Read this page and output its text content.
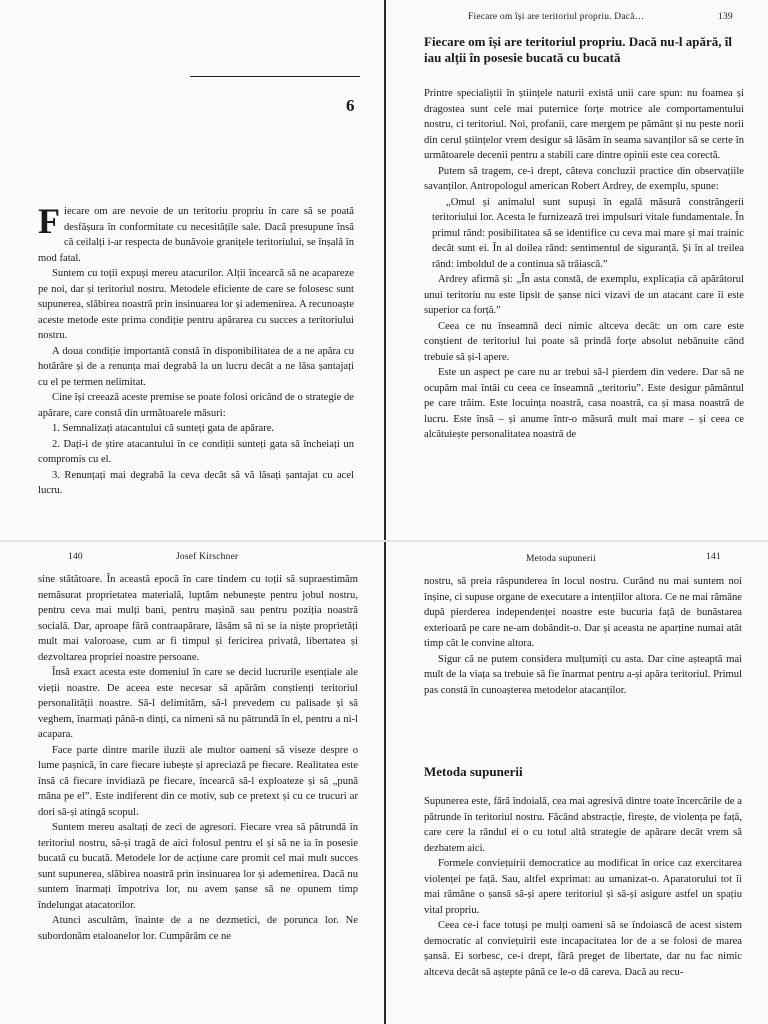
6

Fiecare om are nevoie de un teritoriu propriu în care să se poată desfășura în conformitate cu necesitățile sale. Dacă presupune însă că ceilalți i-ar respecta de bunăvoie granițele teritoriului, se înșală în mod fatal.

Suntem cu toții expuși mereu atacurilor. Alții încearcă să ne acapareze pe noi, dar și teritoriul nostru. Metodele eficiente de care se folosesc sunt supunerea, slăbirea noastră prin insinuarea lor și ademenirea. A recunoaște aceste metode este prima condiție pentru apărarea cu succes a teritoriului nostru.

A doua condiție importantă constă în disponibilitatea de a ne apăra cu hotărâre și de a renunța mai degrabă la un lucru decât a ne lăsa șantajați cu el pe termen nelimitat.

Cine își creează aceste premise se poate folosi oricând de o strategie de apărare, care constă din următoarele măsuri:

1. Semnalizați atacantului că sunteți gata de apărare.

2. Dați-i de știre atacantului în ce condiții sunteți gata să încheiați un compromis cu el.

3. Renunțați mai degrabă la ceva decât să vă lăsați șantajat cu acel lucru.

Fiecare om își are teritoriul propriu. Dacă…	139
Fiecare om își are teritoriul propriu. Dacă nu-l apără, îl iau alții în posesie bucată cu bucată

Printre specialiștii în științele naturii există unii care spun: nu foamea și dragostea sunt cele mai puternice forțe motrice ale comportamentului nostru, ci teritoriul. Noi, profanii, care mergem pe pământ și nu peste norii din cerul științelor vrem desigur să lăsăm în seama savanților să se certe în următoarele decenii pentru a stabili care dintre opinii este cea corectă.

Putem să tragem, ce-i drept, câteva concluzii practice din observațiile savanților. Antropologul american Robert Ardrey, de exemplu, spune:

„Omul și animalul sunt supuși în egală măsură constrângerii teritoriului lor. Acesta le furnizează trei impulsuri vitale fundamentale. În primul rând: posibilitatea să se identifice cu ceva mai mare și mai trainic decât sunt ei. În al doilea rând: sentimentul de siguranță. Și în al treilea rând: imboldul de a continua să trăiască.”

Ardrey afirmă și: „În asta constă, de exemplu, explicația că apărătorul unui teritoriu nu este lipsit de șanse nici vizavi de un atacant care îi este superior ca forță.”

Ceea ce nu înseamnă deci nimic altceva decât: un om care este conștient de teritoriul lui poate să prindă forțe absolut nebănuite când trebuie să și-l apere.

Este un aspect pe care nu ar trebui să-l pierdem din vedere. Dar să ne ocupăm mai întâi cu ceea ce înseamnă „teritoriu”. Este desigur pământul pe care trăim. Este locuința noastră, casa noastră, ca și masa noastră de lucru. Este însă – și anume într-o măsură mult mai mare – și ceea ce alcătuiește personalitatea noastră de

140	Josef Kirschner

sine stătătoare. În această epocă în care tindem cu toții să supraestimăm nemăsurat proprietatea materială, luptăm nebunește pentru jobul nostru, pentru ceva mai mulți bani, pentru mașină sau pentru poziția noastră socială. Dar, aproape fără contraapărare, lăsăm să ni se ia niște proprietăți mult mai valoroase, cum ar fi timpul și fericirea privată, libertatea și dezvoltarea propriei noastre persoane.

Însă exact acesta este domeniul în care se decid lucrurile esențiale ale vieții noastre. De aceea este necesar să apărăm conștienți teritoriul personalității noastre. Să-l delimităm, să-l prevedem cu palisade și să veghem, înarmați până-n dinți, ca nimeni să nu pătrundă în el, pentru a ni-l acapara.

Face parte dintre marile iluzii ale multor oameni să viseze despre o lume pașnică, în care fiecare iubește și apreciază pe fiecare. Realitatea este însă că fiecare invidiază pe fiecare, încearcă să-l exploateze și să „pună mâna pe el”. Este indiferent din ce motiv, sub ce pretext și cu ce trucuri ar dori să-și atingă scopul.

Suntem mereu asaltați de zeci de agresori. Fiecare vrea să pătrundă în teritoriul nostru, să-și tragă de aici folosul pentru el și să ne ia în posesie bucată cu bucată. Metodele lor de acțiune care promit cel mai mult succes sunt supunerea, slăbirea noastră prin insinuarea lor și ademenirea. Dacă nu suntem înarmați împotriva lor, nu avem șanse să ne opunem timp îndelungat atacatorilor.

Atunci ascultăm, înainte de a ne dezmetici, de porunca lor. Ne subordonăm etaloanelor lor. Cumpărăm ce ne

Metoda supunerii	141

nostru, să preia răspunderea în locul nostru. Curând nu mai suntem noi înșine, ci supuse organe de executare a intențiilor altora. Ce ne mai rămâne după pierderea independenței noastre este bucuria față de bunăstarea exterioară pe care ne-am dobândit-o. Dar și aceasta ne aparține numai atât timp cât le convine altora.

Sigur că ne putem considera mulțumiți cu asta. Dar cine așteaptă mai mult de la viața sa trebuie să fie înarmat pentru a-și apăra teritoriul. Primul pas constă în cunoașterea metodelor atacanților.

Metoda supunerii

Supunerea este, fără îndoială, cea mai agresivă dintre toate încercările de a pătrunde în teritoriul nostru. Făcând abstracție, firește, de violența pe față, care cere la rândul ei o cu totul altă strategie de apărare decât vrem să dezbatem aici.

Formele conviețuirii democratice au modificat în orice caz exercitarea violenței pe față. Sau, altfel exprimat: au umanizat-o. Aparatorului tot îi mai rămâne o șansă să-și apere teritoriul și să-și asigure astfel un spațiu vital propriu.

Ceea ce-i face totuși pe mulți oameni să se îndoiască de acest sistem democratic al conviețuirii este incapacitatea lor de a se folosi de marea șansă. Ei sorbesc, ce-i drept, fără preget de libertate, dar nu fac nimic altceva decât să aștepte până ce le-o dă careva. Dacă au recu-
